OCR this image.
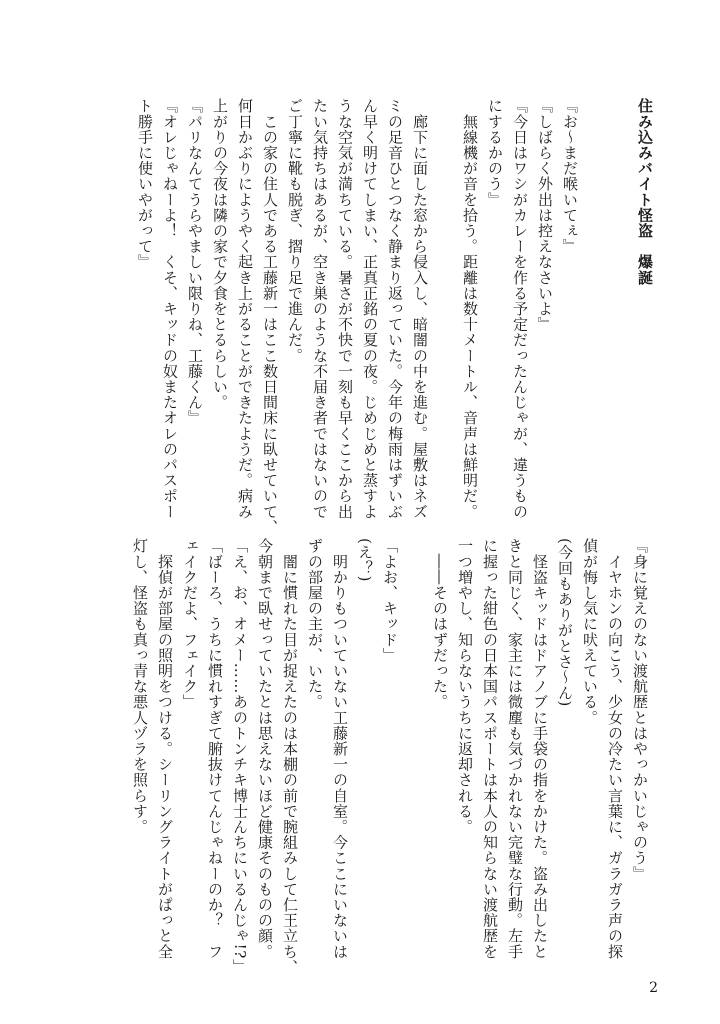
住み込みバイト怪盗　爆誕
『お〜まだ喉いてぇ』
『しばらく外出は控えなさいよ』
『今日はワシがカレーを作る予定だったんじゃが、違うもの
にするかのう』
　無線機が音を拾う。距離は数十メートル、音声は鮮明だ。
　廊下に面した窓から侵入し、暗闇の中を進む。屋敷はネズ
ミの足音ひとつなく静まり返っていた。今年の梅雨はずいぶ
ん早く明けてしまい、正真正銘の夏の夜。じめじめと蒸すよ
うな空気が満ちている。暑さが不快で一刻も早くここから出
たい気持ちはあるが、空き巣のような不届き者ではないので
ご丁寧に靴も脱ぎ、摺り足で進んだ。
　この家の住人である工藤新一はここ数日間床に臥せていて、
何日かぶりにようやく起き上がることができたようだ。病み
上がりの今夜は隣の家で夕食をとるらしい。
『パリなんてうらやましい限りね、工藤くん』
『オレじゃねーよ！　くそ、キッドの奴またオレのパスポー
ト勝手に使いやがって』
『身に覚えのない渡航歴とはやっかいじゃのう』
　イヤホンの向こう、少女の冷たい言葉に、ガラガラ声の探
偵が悔し気に吠えている。
(今回もありがとさ〜ん)
　怪盗キッドはドアノブに手袋の指をかけた。盗み出したと
きと同じく、家主には微塵も気づかれない完璧な行動。左手
に握った紺色の日本国パスポートは本人の知らない渡航歴を
一つ増やし、知らないうちに返却される。
　――そのはずだった。
「よお、キッド」
(え？)
　明かりもついていない工藤新一の自室。今ここにいないは
ずの部屋の主が、いた。
　闇に慣れた目が捉えたのは本棚の前で腕組みして仁王立ち、
今朝まで臥せっていたとは思えないほど健康そのものの顔。
「え、お、オメー……あのトンチキ博士んちにいるんじゃ!?」
「ばーろ、うちに慣れすぎて腑抜けてんじゃねーのか？　フ
ェイクだよ、フェイク」
　探偵が部屋の照明をつける。シーリングライトがぱっと全
灯し、怪盗も真っ青な悪人ヅラを照らす。
2
